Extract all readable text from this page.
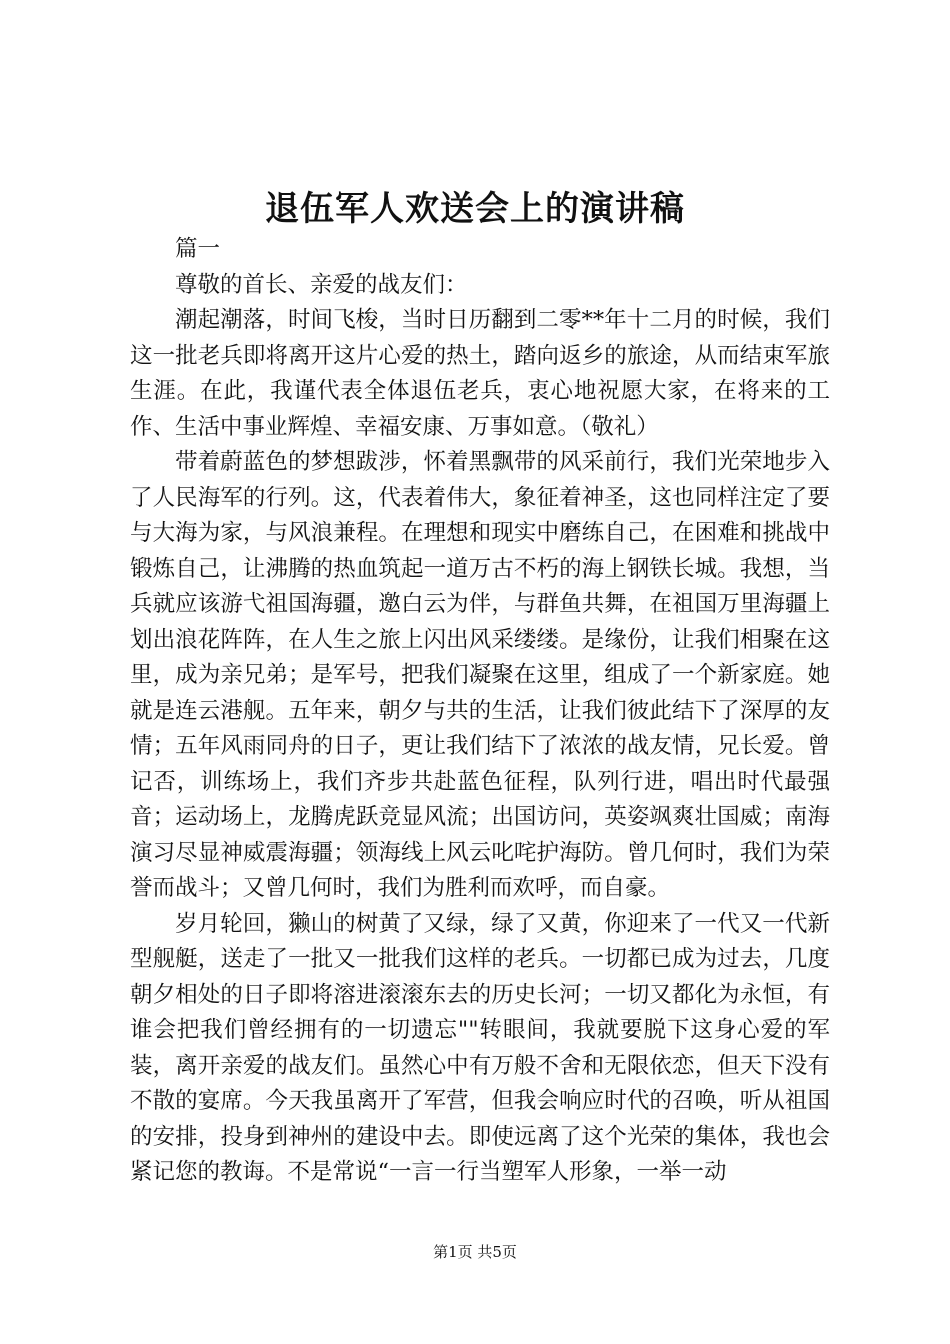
退伍军人欢送会上的演讲稿

篇一

尊敬的首长、亲爱的战友们：

潮起潮落，时间飞梭，当时日历翻到二零**年十二月的时候，我们这一批老兵即将离开这片心爱的热土，踏向返乡的旅途，从而结束军旅生涯。在此，我谨代表全体退伍老兵，衷心地祝愿大家，在将来的工作、生活中事业辉煌、幸福安康、万事如意。（敬礼）

带着蔚蓝色的梦想跋涉，怀着黑飘带的风采前行，我们光荣地步入了人民海军的行列。这，代表着伟大，象征着神圣，这也同样注定了要与大海为家，与风浪兼程。在理想和现实中磨练自己，在困难和挑战中锻炼自己，让沸腾的热血筑起一道万古不朽的海上钢铁长城。我想，当兵就应该游弋祖国海疆，邀白云为伴，与群鱼共舞，在祖国万里海疆上划出浪花阵阵，在人生之旅上闪出风采缕缕。是缘份，让我们相聚在这里，成为亲兄弟；是军号，把我们凝聚在这里，组成了一个新家庭。她就是连云港舰。五年来，朝夕与共的生活，让我们彼此结下了深厚的友情；五年风雨同舟的日子，更让我们结下了浓浓的战友情，兄长爱。曾记否，训练场上，我们齐步共赴蓝色征程，队列行进，唱出时代最强音；运动场上，龙腾虎跃竞显风流；出国访问，英姿飒爽壮国威；南海演习尽显神威震海疆；领海线上风云叱咤护海防。曾几何时，我们为荣誉而战斗；又曾几何时，我们为胜利而欢呼，而自豪。

岁月轮回，獭山的树黄了又绿，绿了又黄，你迎来了一代又一代新型舰艇，送走了一批又一批我们这样的老兵。一切都已成为过去，几度朝夕相处的日子即将溶进滚滚东去的历史长河；一切又都化为永恒，有谁会把我们曾经拥有的一切遗忘""转眼间，我就要脱下这身心爱的军装，离开亲爱的战友们。虽然心中有万般不舍和无限依恋，但天下没有不散的宴席。今天我虽离开了军营，但我会响应时代的召唤，听从祖国的安排，投身到神州的建设中去。即使远离了这个光荣的集体，我也会紧记您的教诲。不是常说“一言一行当塑军人形象，一举一动

第1页 共5页
